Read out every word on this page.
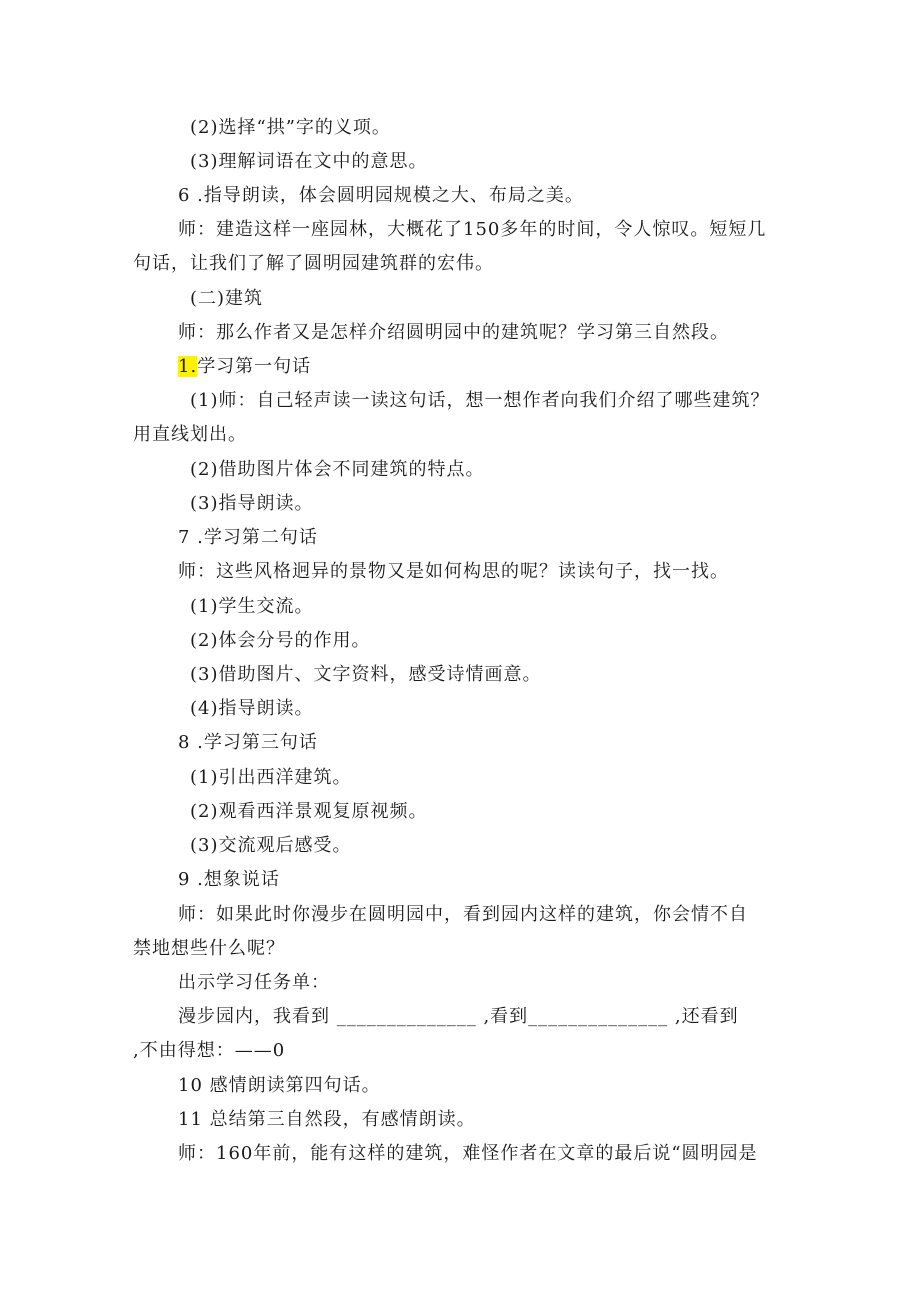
(2)选择“拱”字的义项。
(3)理解词语在文中的意思。
6 .指导朗读，体会圆明园规模之大、布局之美。
师：建造这样一座园林，大概花了150多年的时间，令人惊叹。短短几
句话，让我们了解了圆明园建筑群的宏伟。
(二)建筑
师：那么作者又是怎样介绍圆明园中的建筑呢？学习第三自然段。
1.学习第一句话
(1)师：自己轻声读一读这句话，想一想作者向我们介绍了哪些建筑？
用直线划出。
(2)借助图片体会不同建筑的特点。
(3)指导朗读。
7 .学习第二句话
师：这些风格迥异的景物又是如何构思的呢？读读句子，找一找。
(1)学生交流。
(2)体会分号的作用。
(3)借助图片、文字资料，感受诗情画意。
(4)指导朗读。
8 .学习第三句话
(1)引出西洋建筑。
(2)观看西洋景观复原视频。
(3)交流观后感受。
9 .想象说话
师：如果此时你漫步在圆明园中，看到园内这样的建筑，你会情不自
禁地想些什么呢？
出示学习任务单：
漫步园内，我看到 ______________ ,看到______________ ,还看到
,不由得想：——0
10 感情朗读第四句话。
11 总结第三自然段，有感情朗读。
师：160年前，能有这样的建筑，难怪作者在文章的最后说“圆明园是
